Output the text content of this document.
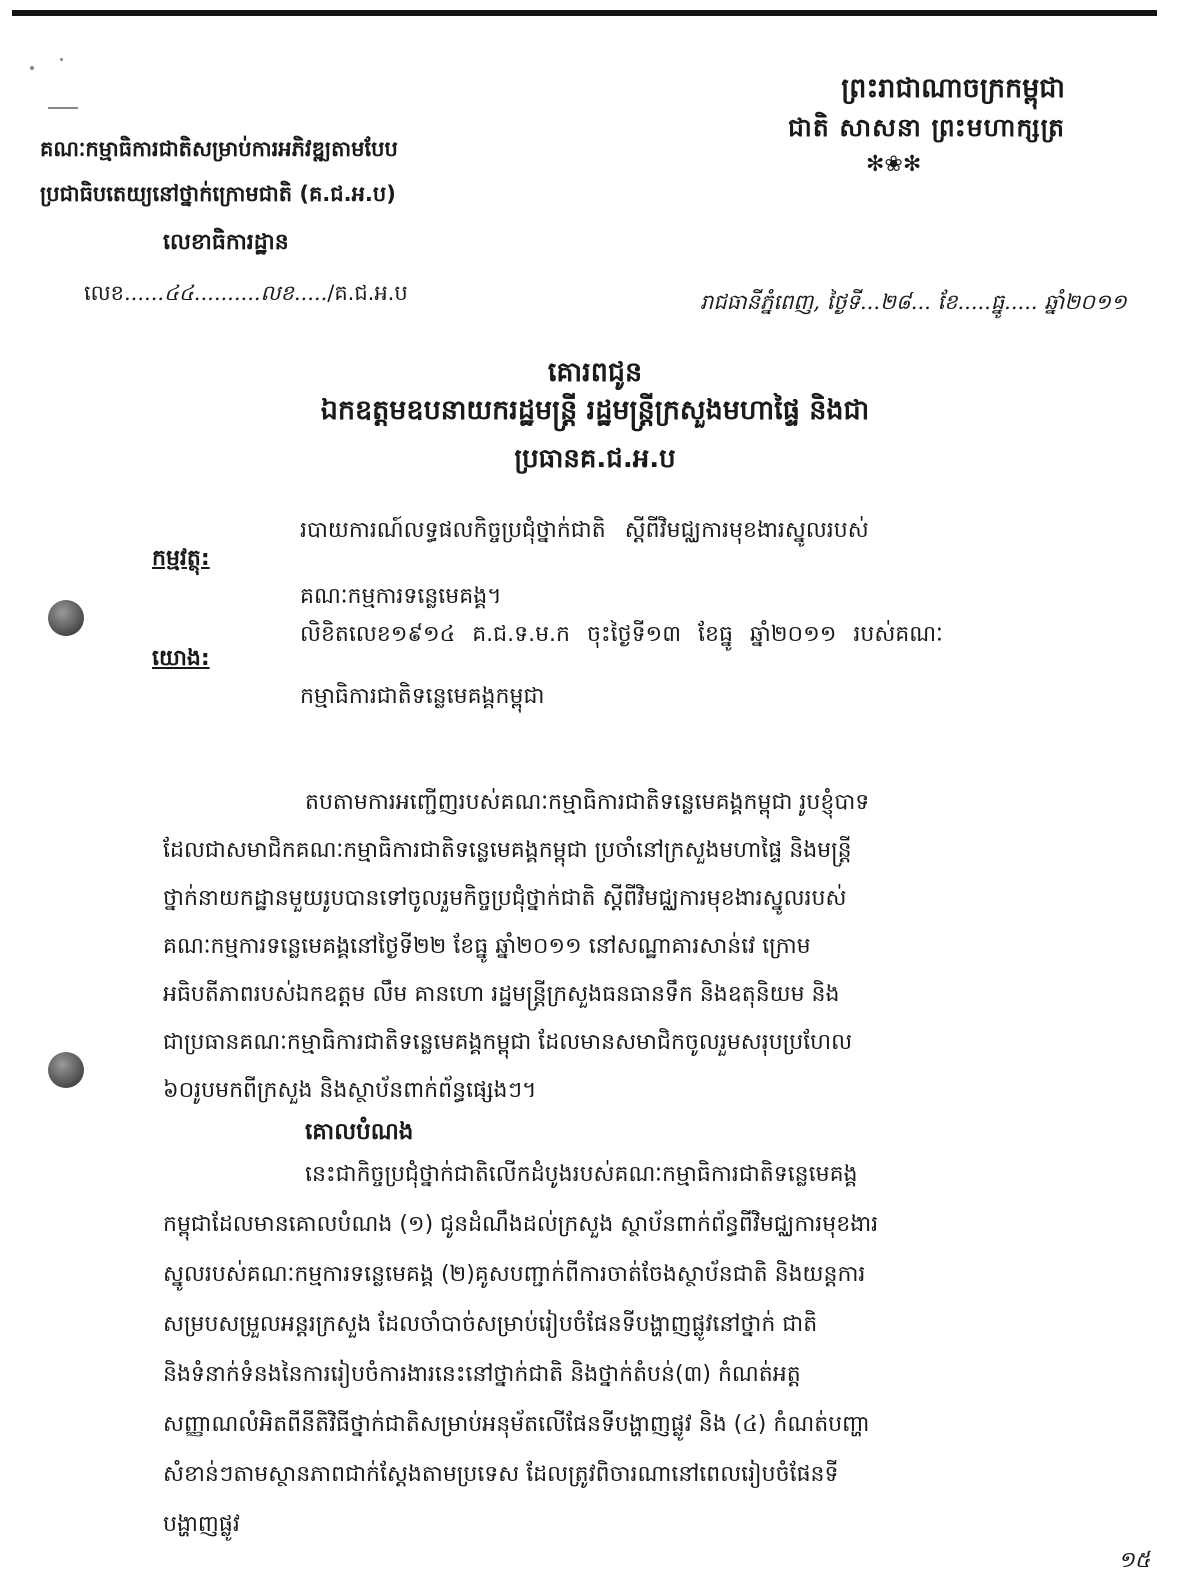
ព្រះរាជាណាចក្រកម្ពុជា
ជាតិ សាសនា ព្រះមហាក្សត្រ
✻❀✻
គណៈកម្មាធិការជាតិសម្រាប់ការអភិវឌ្ឍតាមបែប
ប្រជាធិបតេយ្យនៅថ្នាក់ក្រោមជាតិ (គ.ជ.អ.ប)
លេខាធិការដ្ឋាន
លេខ......៤៤..........លខ...../គ.ជ.អ.ប	រាជធានីភ្នំពេញ, ថ្ងៃទី...២៨... ខែ.....ធ្នូ..... ឆ្នាំ២០១១
គោរពជូន
ឯកឧត្តមឧបនាយករដ្ឋមន្ត្រី រដ្ឋមន្ត្រីក្រសួងមហាផ្ទៃ និងជា
ប្រធានគ.ជ.អ.ប
កម្មវត្ថុ:
របាយការណ៍លទ្ធផលកិច្ចប្រជុំថ្នាក់ជាតិ ស្តីពីវិមជ្ឈការមុខងារស្នូលរបស់
គណៈកម្មការទន្លេមេគង្គ។
យោង:
លិខិតលេខ១៩១៤ គ.ជ.ទ.ម.ក ចុះថ្ងៃទី១៣ ខែធ្នូ ឆ្នាំ២០១១ របស់គណៈ
កម្មាធិការជាតិទន្លេមេគង្គកម្ពុជា
តបតាមការអញ្ជើញរបស់គណៈកម្មាធិការជាតិទន្លេមេគង្គកម្ពុជា រូបខ្ញុំបាទ
ដែលជាសមាជិកគណៈកម្មាធិការជាតិទន្លេមេគង្គកម្ពុជា ប្រចាំនៅក្រសួងមហាផ្ទៃ និងមន្ត្រី
ថ្នាក់នាយកដ្ឋានមួយរូបបានទៅចូលរួមកិច្ចប្រជុំថ្នាក់ជាតិ ស្តីពីវិមជ្ឈការមុខងារស្នូលរបស់
គណៈកម្មការទន្លេមេគង្គនៅថ្ងៃទី២២ ខែធ្នូ ឆ្នាំ២០១១ នៅសណ្ឋាគារសាន់វេ ក្រោម
អធិបតីភាពរបស់ឯកឧត្តម លឹម គានហោ រដ្ឋមន្ត្រីក្រសួងធនធានទឹក និងឧតុនិយម និង
ជាប្រធានគណៈកម្មាធិការជាតិទន្លេមេគង្គកម្ពុជា ដែលមានសមាជិកចូលរួមសរុបប្រហែល
៦០រូបមកពីក្រសួង និងស្ថាប័នពាក់ព័ន្ធផ្សេងៗ។
គោលបំណង
នេះជាកិច្ចប្រជុំថ្នាក់ជាតិលើកដំបូងរបស់គណៈកម្មាធិការជាតិទន្លេមេគង្គ
កម្ពុជាដែលមានគោលបំណង (១) ជូនដំណឹងដល់ក្រសួង ស្ថាប័នពាក់ព័ន្ធពីវិមជ្ឈការមុខងារ
ស្នូលរបស់គណៈកម្មការទន្លេមេគង្គ (២)គូសបញ្ជាក់ពីការចាត់ចែងស្ថាប័នជាតិ និងយន្តការ
សម្របសម្រួលអន្តរក្រសួង ដែលចាំបាច់សម្រាប់រៀបចំផែនទីបង្ហាញផ្លូវនៅថ្នាក់ ជាតិ
និងទំនាក់ទំនងនៃការរៀបចំការងារនេះនៅថ្នាក់ជាតិ និងថ្នាក់តំបន់(៣) កំណត់អត្ត
សញ្ញាណលំអិតពីនីតិវិធីថ្នាក់ជាតិសម្រាប់អនុម័តលើផែនទីបង្ហាញផ្លូវ និង (៤) កំណត់បញ្ហា
សំខាន់ៗតាមស្ថានភាពជាក់ស្តែងតាមប្រទេស ដែលត្រូវពិចារណានៅពេលរៀបចំផែនទី
បង្ហាញផ្លូវ
១៥
